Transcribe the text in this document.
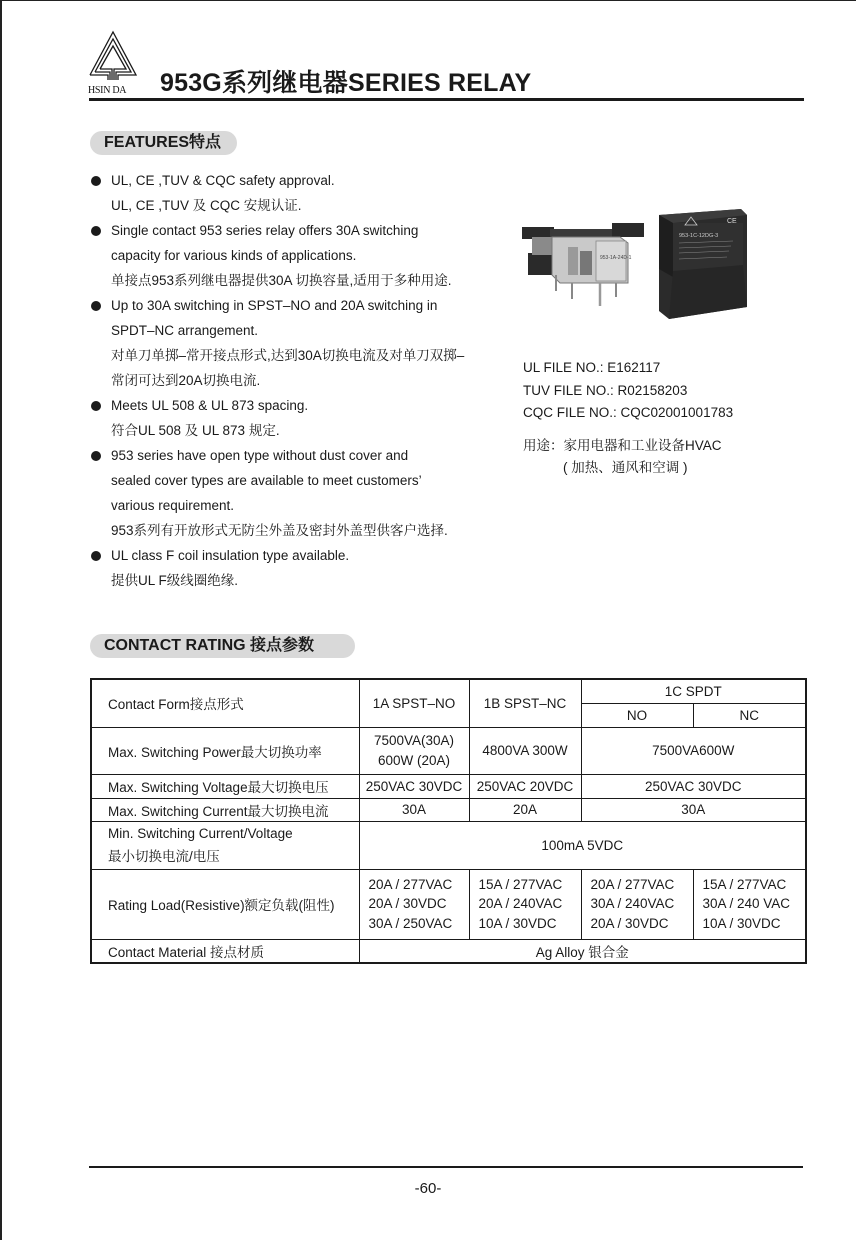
HSIN DA	953G系列继电器SERIES RELAY
FEATURES特点
UL, CE ,TUV & CQC safety approval.
UL, CE ,TUV 及 CQC 安规认证.
Single contact 953 series relay offers 30A switching
capacity for various kinds of applications.
单接点953系列继电器提供30A 切换容量,适用于多种用途.
Up to 30A switching in SPST–NO and 20A switching in
SPDT–NC arrangement.
对单刀单掷–常开接点形式,达到30A切换电流及对单刀双掷–
常闭可达到20A切换电流.
Meets UL 508 & UL 873 spacing.
符合UL 508 及 UL 873 规定.
953 series have open type without dust cover and
sealed cover types are available to meet customers’
various requirement.
953系列有开放形式无防尘外盖及密封外盖型供客户选择.
UL class F coil insulation type available.
提供UL F级线圈绝缘.
953-1A-24D-1
CE
953-1C-12DG-3
UL FILE NO.: E162117
TUV FILE NO.: R02158203
CQC FILE NO.: CQC02001001783
用途：家用电器和工业设备HVAC
( 加热、通风和空调 )
CONTACT RATING 接点参数
Contact Form接点形式	1A SPST–NO	1B SPST–NC	1C SPDT	
			NO	NC
Max. Switching Power最大切换功率	7500VA(30A)
600W (20A)	4800VA 300W	7500VA600W	
Max. Switching Voltage最大切换电压	250VAC 30VDC	250VAC 20VDC	250VAC 30VDC	
Max. Switching Current最大切换电流	30A	20A	30A	

Min. Switching Current/Voltage
最小切换电流/电压	100mA 5VDC			
Rating Load(Resistive)额定负载(阻性)	20A / 277VAC
20A / 30VDC
30A / 250VAC	15A / 277VAC
20A / 240VAC
10A / 30VDC	20A / 277VAC
30A / 240VAC
20A / 30VDC	15A / 277VAC
30A / 240 VAC
10A / 30VDC

Contact Material 接点材质	Ag Alloy 银合金			
-60-
